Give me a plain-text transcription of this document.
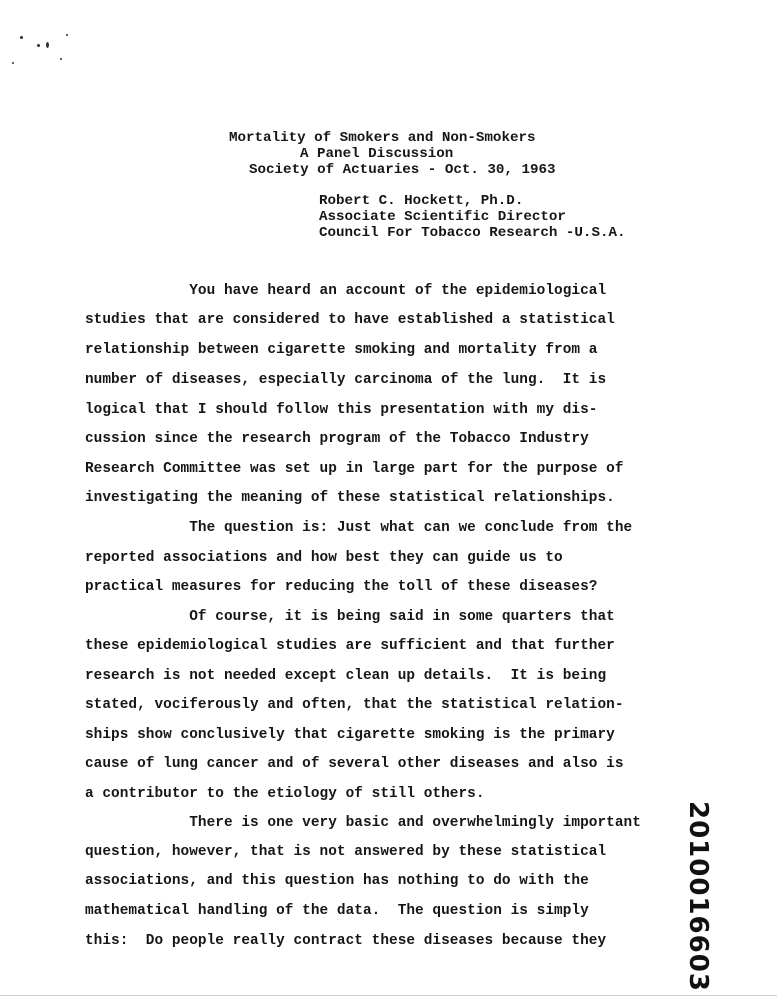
Mortality of Smokers and Non-Smokers
A Panel Discussion
Society of Actuaries - Oct. 30, 1963
Robert C. Hockett, Ph.D.
Associate Scientific Director
Council For Tobacco Research -U.S.A.
You have heard an account of the epidemiological
studies that are considered to have established a statistical
relationship between cigarette smoking and mortality from a
number of diseases, especially carcinoma of the lung.  It is
logical that I should follow this presentation with my dis-
cussion since the research program of the Tobacco Industry
Research Committee was set up in large part for the purpose of
investigating the meaning of these statistical relationships.
The question is: Just what can we conclude from the
reported associations and how best they can guide us to
practical measures for reducing the toll of these diseases?
Of course, it is being said in some quarters that
these epidemiological studies are sufficient and that further
research is not needed except clean up details.  It is being
stated, vociferously and often, that the statistical relation-
ships show conclusively that cigarette smoking is the primary
cause of lung cancer and of several other diseases and also is
a contributor to the etiology of still others.
There is one very basic and overwhelmingly important
question, however, that is not answered by these statistical
associations, and this question has nothing to do with the
mathematical handling of the data.  The question is simply
this:  Do people really contract these diseases because they	2010016603
